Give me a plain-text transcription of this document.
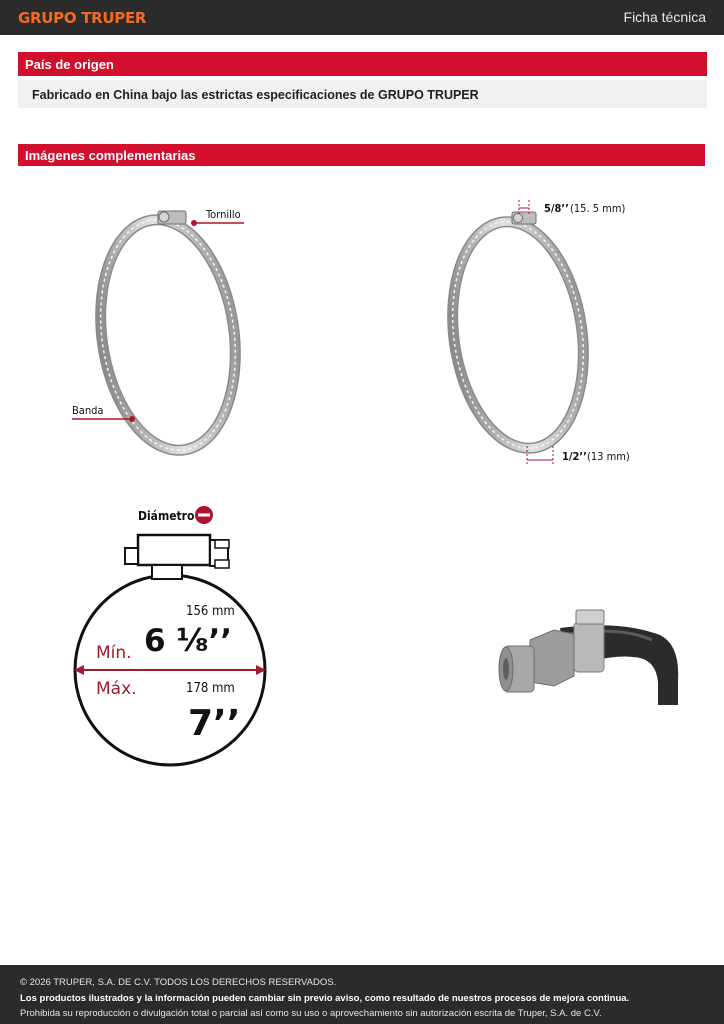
GRUPO TRUPER	Ficha técnica
País de origen
Fabricado en China bajo las estrictas especificaciones de GRUPO TRUPER
Imágenes complementarias
Tornillo
Banda
5/8’’ (15. 5 mm)
1/2’’ (13 mm)
Diámetro
156 mm
Mín. 6 ⅛’’
Máx.	178 mm
7’’
© 2026 TRUPER, S.A. DE C.V. TODOS LOS DERECHOS RESERVADOS.
Los productos ilustrados y la información pueden cambiar sin previo aviso, como resultado de nuestros procesos de mejora continua.
Prohibida su reproducción o divulgación total o parcial así como su uso o aprovechamiento sin autorización escrita de Truper, S.A. de C.V.
